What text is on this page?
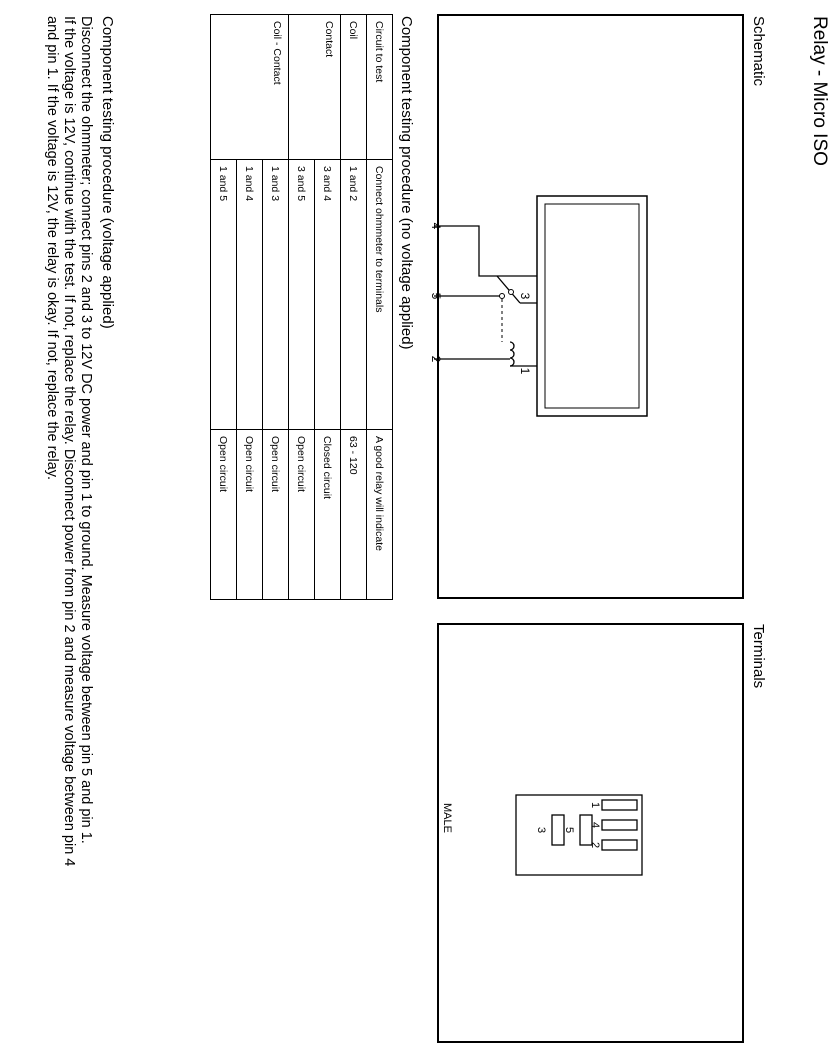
Relay - Micro ISO
Schematic
4
5	3
2
1
Terminals
1
4
2
5
3
MALE
Component testing procedure (no voltage applied)
Circuit to test	Connect ohmmeter to terminals	A good relay will indicate
Coil	1 and 2	63 - 120
Contact	3 and 4	Closed circuit
	3 and 5	Open circuit
Coil - Contact	1 and 3	Open circuit
	1 and 4	Open circuit
	1 and 5	Open circuit
Component testing procedure (voltage applied)
Disconnect the ohmmeter; connect pins 2 and 3 to 12V DC power and pin 1 to ground. Measure voltage between pin 5 and pin 1.
If the voltage is 12V, continue with the test. If not, replace the relay. Disconnect power from pin 2 and measure voltage between pin 4
and pin 1. If the voltage is 12V, the relay is okay. If not, replace the relay.
